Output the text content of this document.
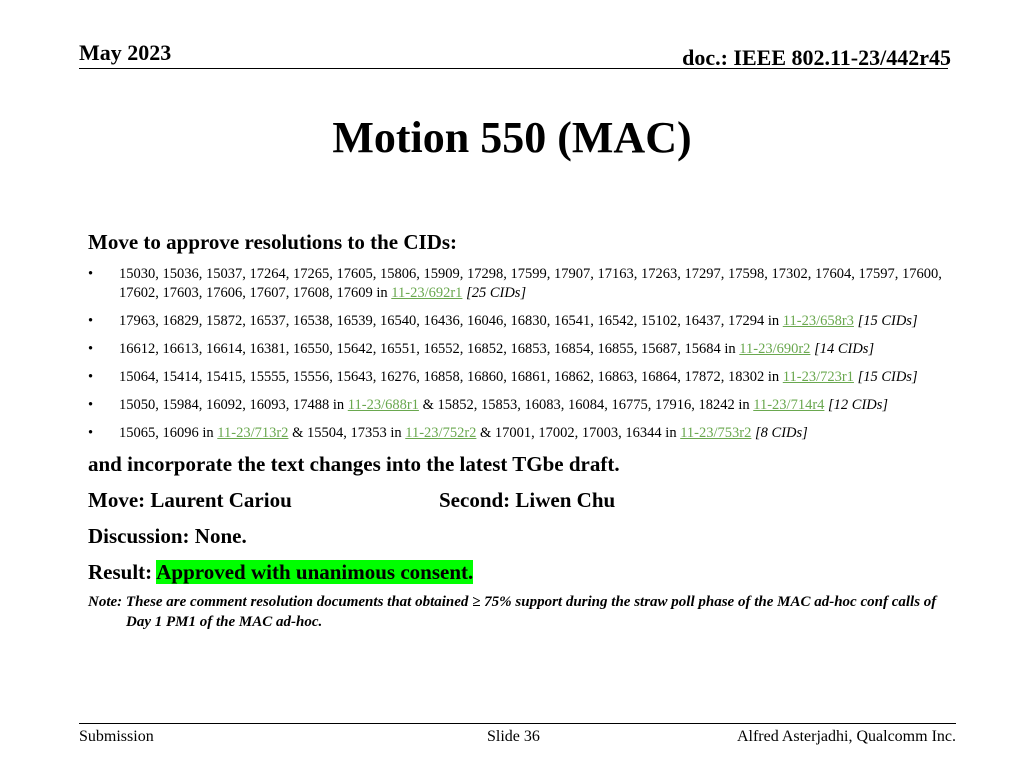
May 2023	doc.: IEEE 802.11-23/442r45
Motion 550 (MAC)

Move to approve resolutions to the CIDs:

• 15030, 15036, 15037, 17264, 17265, 17605, 15806, 15909, 17298, 17599, 17907, 17163, 17263, 17297, 17598, 17302, 17604, 17597, 17600, 17602, 17603, 17606, 17607, 17608, 17609 in 11-23/692r1 [25 CIDs]
• 17963, 16829, 15872, 16537, 16538, 16539, 16540, 16436, 16046, 16830, 16541, 16542, 15102, 16437, 17294 in 11-23/658r3 [15 CIDs]
• 16612, 16613, 16614, 16381, 16550, 15642, 16551, 16552, 16852, 16853, 16854, 16855, 15687, 15684 in 11-23/690r2 [14 CIDs]
• 15064, 15414, 15415, 15555, 15556, 15643, 16276, 16858, 16860, 16861, 16862, 16863, 16864, 17872, 18302 in 11-23/723r1 [15 CIDs]
• 15050, 15984, 16092, 16093, 17488 in 11-23/688r1 & 15852, 15853, 16083, 16084, 16775, 17916, 18242 in 11-23/714r4 [12 CIDs]
• 15065, 16096 in 11-23/713r2 & 15504, 17353 in 11-23/752r2 & 17001, 17002, 17003, 16344 in 11-23/753r2 [8 CIDs]

and incorporate the text changes into the latest TGbe draft.

Move: Laurent Cariou	Second: Liwen Chu

Discussion: None.

Result: Approved with unanimous consent.

Note: These are comment resolution documents that obtained ≥ 75% support during the straw poll phase of the MAC ad-hoc conf calls of Day 1 PM1 of the MAC ad-hoc.

Submission	Slide 36	Alfred Asterjadhi, Qualcomm Inc.
